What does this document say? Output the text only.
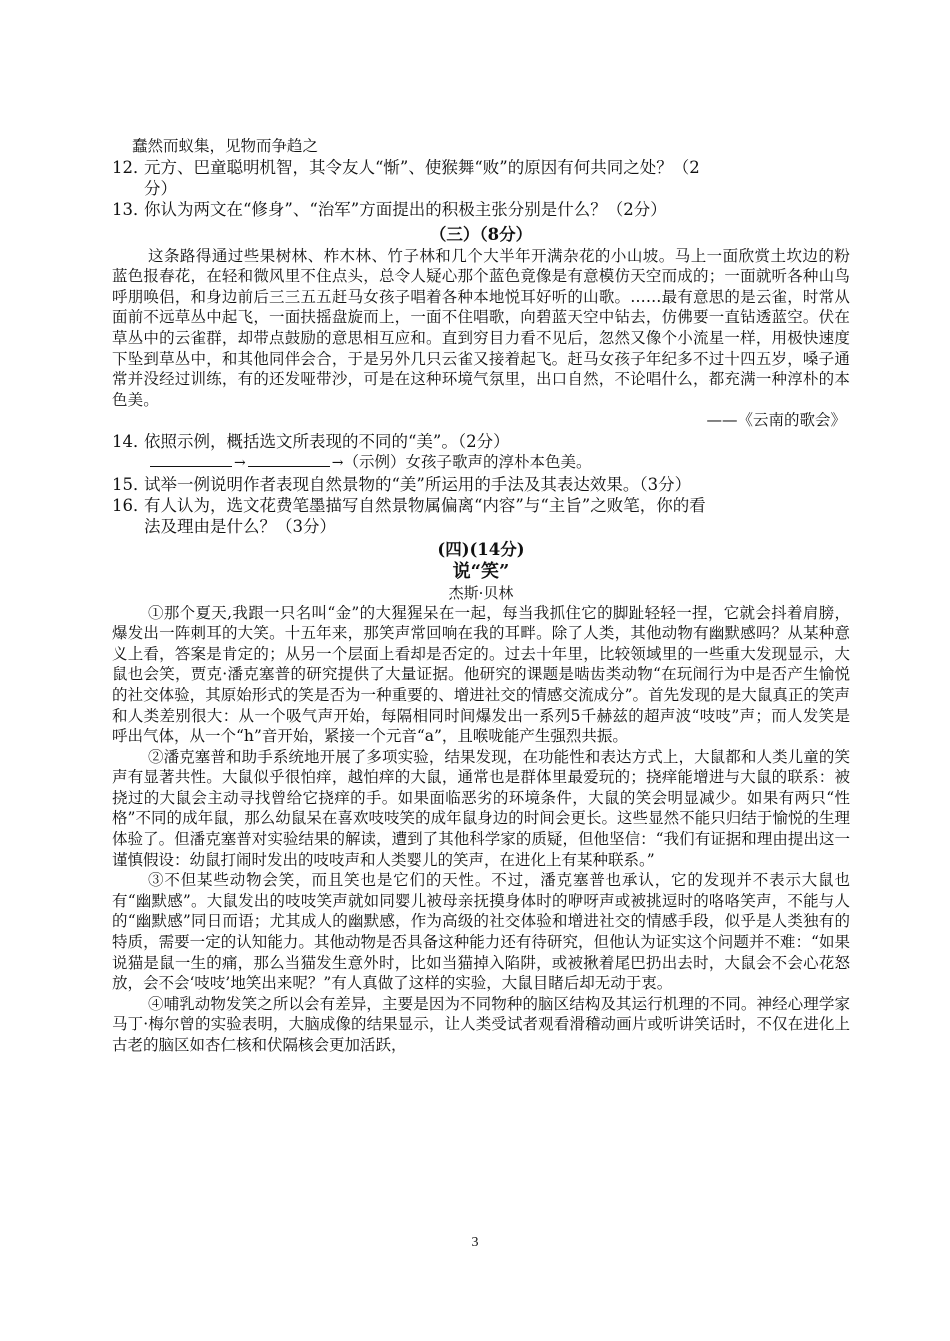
蠢然而蚁集，见物而争趋之

12．
元方、巴童聪明机智，其令友人“惭”、使猴舞“败”的原因有何共同之处？（2
分）
13．
你认为两文在“修身”、“治军”方面提出的积极主张分别是什么？（2分）

（三）（8分）

这条路得通过些果树林、柞木林、竹子林和几个大半年开满杂花的小山坡。马上一面欣赏土坎边的粉蓝色报春花，在轻和微风里不住点头，总令人疑心那个蓝色竟像是有意模仿天空而成的；一面就听各种山鸟呼朋唤侣，和身边前后三三五五赶马女孩子唱着各种本地悦耳好听的山歌。……最有意思的是云雀，时常从面前不远草丛中起飞，一面扶摇盘旋而上，一面不住唱歌，向碧蓝天空中钻去，仿佛要一直钻透蓝空。伏在草丛中的云雀群，却带点鼓励的意思相互应和。直到穷目力看不见后，忽然又像个小流星一样，用极快速度下坠到草丛中，和其他同伴会合，于是另外几只云雀又接着起飞。赶马女孩子年纪多不过十四五岁，嗓子通常并没经过训练，有的还发哑带沙，可是在这种环境气氛里，出口自然，不论唱什么，都充满一种淳朴的本色美。

——《云南的歌会》

14．
依照示例，概括选文所表现的不同的“美”。（2分）

→	→（示例）女孩子歌声的淳朴本色美。

15．
试举一例说明作者表现自然景物的“美”所运用的手法及其表达效果。（3分）
16．
有人认为，选文花费笔墨描写自然景物属偏离“内容”与“主旨”之败笔，你的看
法及理由是什么？（3分）

(四)(14分)

说“笑”

杰斯·贝林

①那个夏天,我跟一只名叫“金”的大猩猩呆在一起，每当我抓住它的脚趾轻轻一捏，它就会抖着肩膀，爆发出一阵刺耳的大笑。十五年来，那笑声常回响在我的耳畔。除了人类，其他动物有幽默感吗？从某种意义上看，答案是肯定的；从另一个层面上看却是否定的。过去十年里，比较领域里的一些重大发现显示，大鼠也会笑，贾克·潘克塞普的研究提供了大量证据。他研究的课题是啮齿类动物“在玩闹行为中是否产生愉悦的社交体验，其原始形式的笑是否为一种重要的、增进社交的情感交流成分”。首先发现的是大鼠真正的笑声和人类差别很大：从一个吸气声开始，每隔相同时间爆发出一系列5千赫兹的超声波“吱吱”声；而人发笑是呼出气体，从一个“h”音开始，紧接一个元音“a”，且喉咙能产生强烈共振。

②潘克塞普和助手系统地开展了多项实验，结果发现，在功能性和表达方式上，大鼠都和人类儿童的笑声有显著共性。大鼠似乎很怕痒，越怕痒的大鼠，通常也是群体里最爱玩的；挠痒能增进与大鼠的联系：被挠过的大鼠会主动寻找曾给它挠痒的手。如果面临恶劣的环境条件，大鼠的笑会明显减少。如果有两只“性格”不同的成年鼠，那么幼鼠呆在喜欢吱吱笑的成年鼠身边的时间会更长。这些显然不能只归结于愉悦的生理体验了。但潘克塞普对实验结果的解读，遭到了其他科学家的质疑，但他坚信：“我们有证据和理由提出这一谨慎假设：幼鼠打闹时发出的吱吱声和人类婴儿的笑声，在进化上有某种联系。”

③不但某些动物会笑，而且笑也是它们的天性。不过，潘克塞普也承认，它的发现并不表示大鼠也有“幽默感”。大鼠发出的吱吱笑声就如同婴儿被母亲抚摸身体时的咿呀声或被挑逗时的咯咯笑声，不能与人的“幽默感”同日而语；尤其成人的幽默感，作为高级的社交体验和增进社交的情感手段，似乎是人类独有的特质，需要一定的认知能力。其他动物是否具备这种能力还有待研究，但他认为证实这个问题并不难：“如果说猫是鼠一生的痛，那么当猫发生意外时，比如当猫掉入陷阱，或被揪着尾巴扔出去时，大鼠会不会心花怒放，会不会‘吱吱’地笑出来呢？”有人真做了这样的实验，大鼠目睹后却无动于衷。

④哺乳动物发笑之所以会有差异，主要是因为不同物种的脑区结构及其运行机理的不同。神经心理学家马丁·梅尔曾的实验表明，大脑成像的结果显示，让人类受试者观看滑稽动画片或听讲笑话时，不仅在进化上古老的脑区如杏仁核和伏隔核会更加活跃，

3
